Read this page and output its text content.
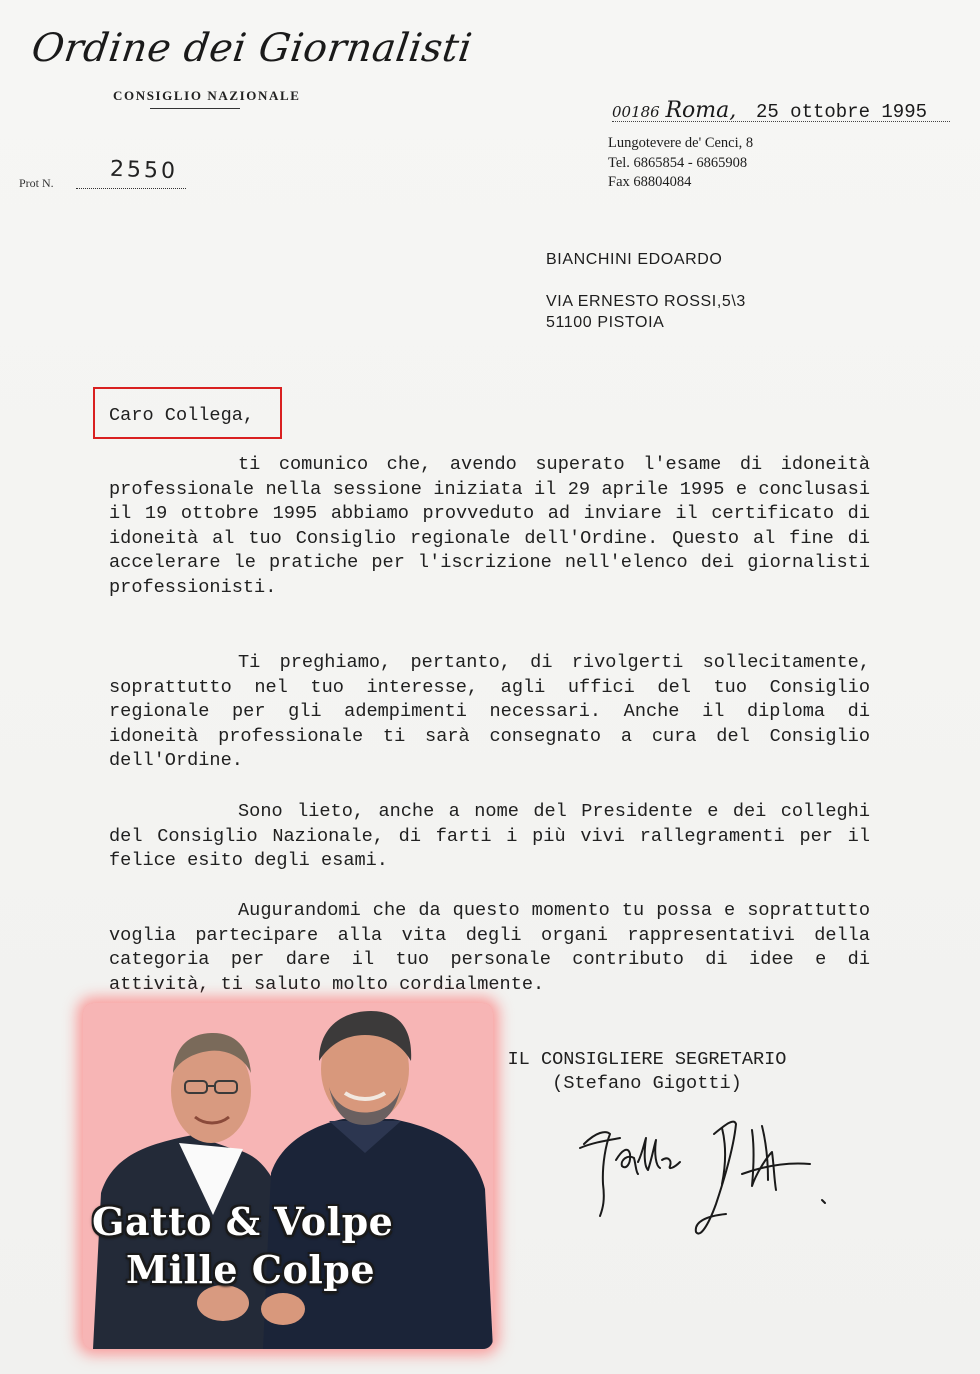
Ordine dei Giornalisti
CONSIGLIO NAZIONALE
Prot N.	2550
00186 Roma, 25 ottobre 1995
Lungotevere de' Cenci, 8
Tel. 6865854 - 6865908
Fax 68804084
BIANCHINI EDOARDO
VIA ERNESTO ROSSI,5\3
51100 PISTOIA
Caro Collega,
ti comunico che, avendo superato l'esame di idoneità professionale nella sessione iniziata il 29 aprile 1995 e conclusasi il 19 ottobre 1995 abbiamo provveduto ad inviare il certificato di idoneità al tuo Consiglio regionale dell'Ordine. Questo al fine di accelerare le pratiche per l'iscrizione nell'elenco dei giornalisti professionisti.
Ti preghiamo, pertanto, di rivolgerti sollecitamente, soprattutto nel tuo interesse, agli uffici del tuo Consiglio regionale per gli adempimenti necessari. Anche il diploma di idoneità professionale ti sarà consegnato a cura del Consiglio dell'Ordine.
Sono lieto, anche a nome del Presidente e dei colleghi del Consiglio Nazionale, di farti i più vivi rallegramenti per il felice esito degli esami.
Augurandomi che da questo momento tu possa e soprattutto voglia partecipare alla vita degli organi rappresentativi della categoria per dare il tuo personale contributo di idee e di attività, ti saluto molto cordialmente.
IL CONSIGLIERE SEGRETARIO
(Stefano Gigotti)
Gatto & Volpe
Mille Colpe
